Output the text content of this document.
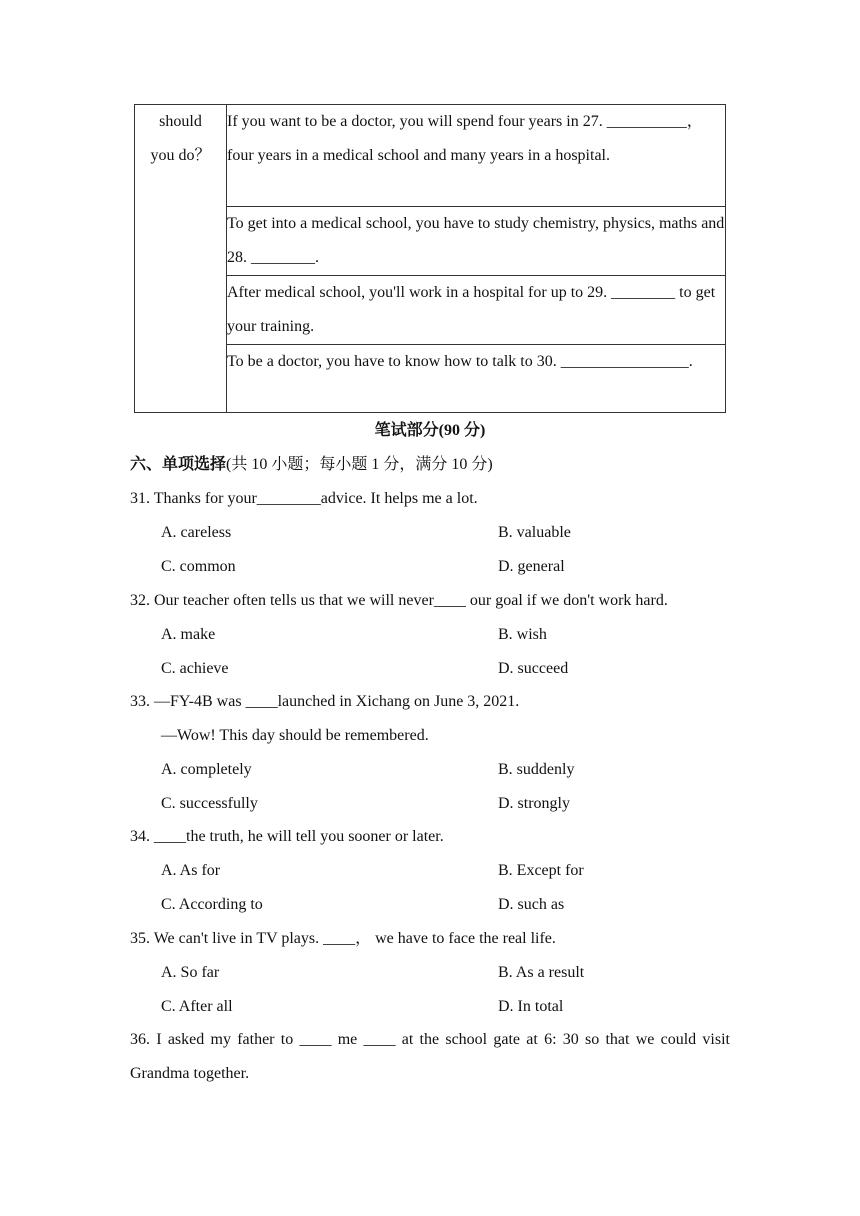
should you do？
	If you want to be a doctor, you will spend four years in 27. __________， four years in a medical school and many years in a hospital.
To get into a medical school, you have to study chemistry, physics, maths and 28. ________.
After medical school, you'll work in a hospital for up to 29. ________ to get your training.
To be a doctor, you have to know how to talk to 30. ________________.
笔试部分(90 分)
六、单项选择(共 10 小题；每小题 1 分，满分 10 分)
31. Thanks for your________advice. It helps me a lot.
A. careless	B. valuable
C. common	D. general
32. Our teacher often tells us that we will never____ our goal if we don't work hard.
A. make	B. wish
C. achieve	D. succeed
33. —FY-4B was ____launched in Xichang on June 3, 2021.
—Wow! This day should be remembered.
A. completely	B. suddenly
C. successfully	D. strongly
34. ____the truth, he will tell you sooner or later.
A. As for	B. Except for
C. According to	D. such as
35. We can't live in TV plays. ____， we have to face the real life.
A. So far	B. As a result
C. After all	D. In total
36. I asked my father to ____ me ____ at the school gate at 6: 30 so that we could visit Grandma together.
